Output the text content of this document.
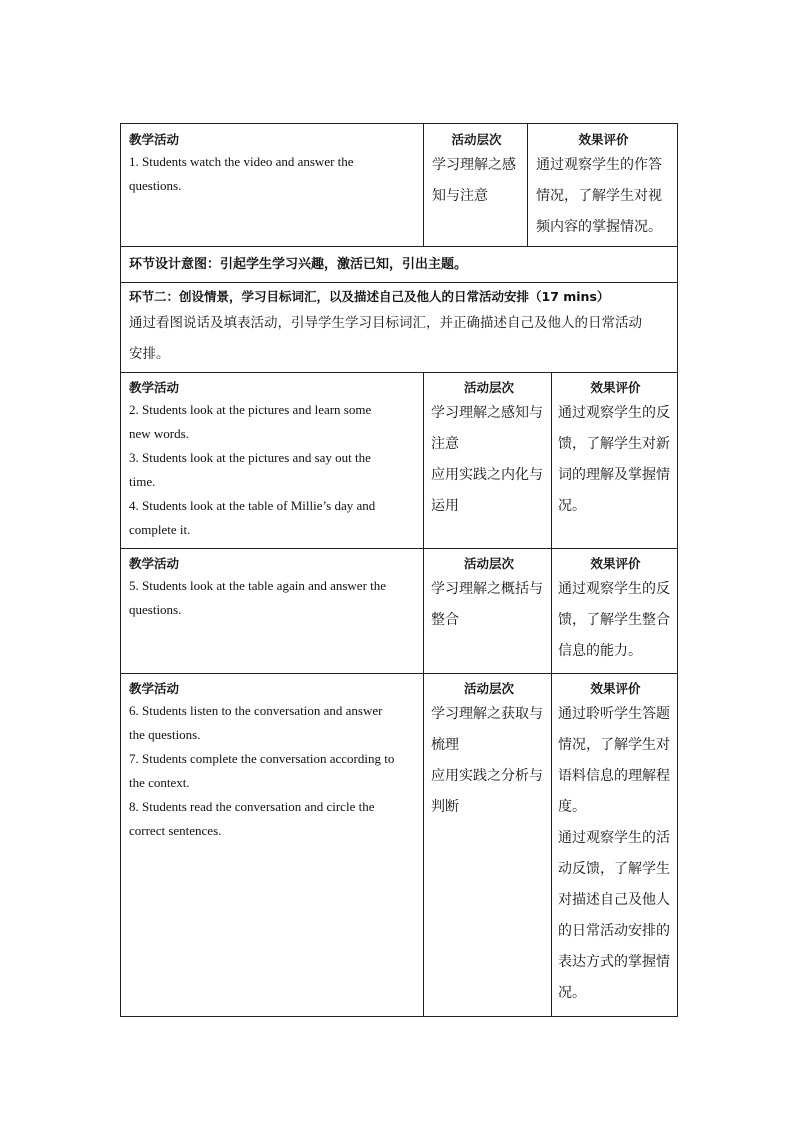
教学活动
1. Students watch the video and answer the
questions.
活动层次
学习理解之感
知与注意
效果评价
通过观察学生的作答
情况，了解学生对视
频内容的掌握情况。
环节设计意图：引起学生学习兴趣，激活已知，引出主题。
环节二：创设情景，学习目标词汇，以及描述自己及他人的日常活动安排（17 mins）
通过看图说话及填表活动，引导学生学习目标词汇，并正确描述自己及他人的日常活动
安排。
教学活动
2. Students look at the pictures and learn some
new words.
3. Students look at the pictures and say out the
time.
4. Students look at the table of Millie’s day and
complete it.
活动层次
学习理解之感知与
注意
应用实践之内化与
运用
效果评价
通过观察学生的反
馈，了解学生对新
词的理解及掌握情
况。
教学活动
5. Students look at the table again and answer the
questions.
活动层次
学习理解之概括与
整合
效果评价
通过观察学生的反
馈，了解学生整合
信息的能力。
教学活动
6. Students listen to the conversation and answer
the questions.
7. Students complete the conversation according to
the context.
8. Students read the conversation and circle the
correct sentences.
活动层次
学习理解之获取与
梳理
应用实践之分析与
判断
效果评价
通过聆听学生答题
情况，了解学生对
语料信息的理解程
度。
通过观察学生的活
动反馈，了解学生
对描述自己及他人
的日常活动安排的
表达方式的掌握情
况。
